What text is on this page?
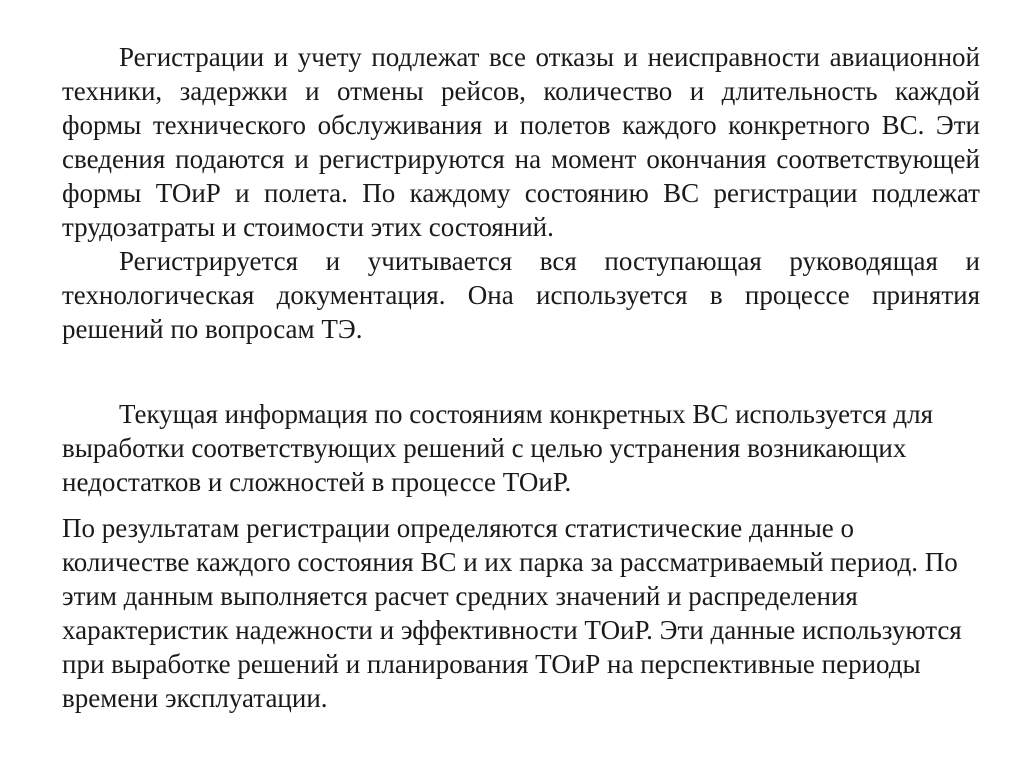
Регистрации и учету подлежат все отказы и неисправности авиационной техники, задержки и отмены рейсов, количество и длительность каждой формы технического обслуживания и полетов каждого конкретного ВС. Эти сведения подаются и регистрируются на момент окончания соответствующей формы ТОиР и полета. По каждому состоянию ВС регистрации подлежат трудозатраты и стоимости этих состояний.

Регистрируется и учитывается вся поступающая руководящая и технологическая документация. Она используется в процессе принятия решений по вопросам ТЭ.

Текущая информация по состояниям конкретных ВС используется для выработки соответствующих решений с целью устранения возникающих недостатков и сложностей в процессе ТОиР.

По результатам регистрации определяются статистические данные о количестве каждого состояния ВС и их парка за рассматриваемый период. По этим данным выполняется расчет средних значений и распределения характеристик надежности и эффективности ТОиР. Эти данные используются при выработке решений и планирования ТОиР на перспективные периоды времени эксплуатации.
